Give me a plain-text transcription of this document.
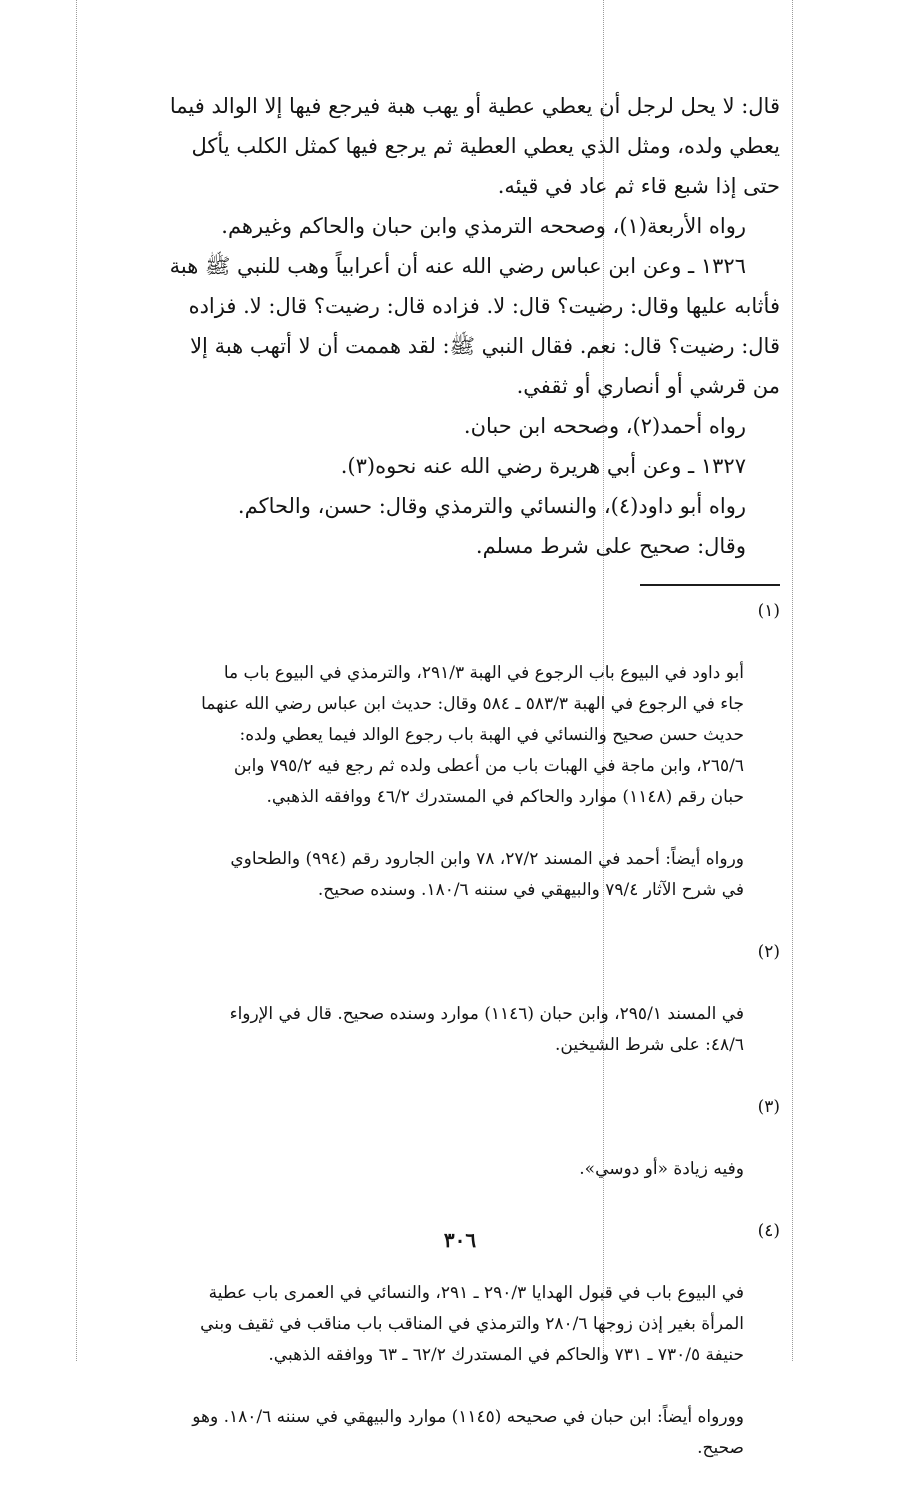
قال: لا يحل لرجل أن يعطي عطية أو يهب هبة فيرجع فيها إلا الوالد فيما
يعطي ولده، ومثل الذي يعطي العطية ثم يرجع فيها كمثل الكلب يأكل
حتى إذا شبع قاء ثم عاد في قيئه.

رواه الأربعة(١)، وصححه الترمذي وابن حبان والحاكم وغيرهم.

١٣٢٦ ـ وعن ابن عباس رضي الله عنه أن أعرابياً وهب للنبي ﷺ هبة
فأثابه عليها وقال: رضيت؟ قال: لا. فزاده قال: رضيت؟ قال: لا. فزاده
قال: رضيت؟ قال: نعم. فقال النبي ﷺ: لقد هممت أن لا أتهب هبة إلا
من قرشي أو أنصاري أو ثقفي.

رواه أحمد(٢)، وصححه ابن حبان.

١٣٢٧ ـ وعن أبي هريرة رضي الله عنه نحوه(٣).

رواه أبو داود(٤)، والنسائي والترمذي وقال: حسن، والحاكم.

وقال: صحيح على شرط مسلم.

(١)

أبو داود في البيوع باب الرجوع في الهبة ٢٩١/٣، والترمذي في البيوع باب ما
جاء في الرجوع في الهبة ٥٨٣/٣ ـ ٥٨٤ وقال: حديث ابن عباس رضي الله عنهما
حديث حسن صحيح والنسائي في الهبة باب رجوع الوالد فيما يعطي ولده:
٢٦٥/٦، وابن ماجة في الهبات باب من أعطى ولده ثم رجع فيه ٧٩٥/٢ وابن
حبان رقم (١١٤٨) موارد والحاكم في المستدرك ٤٦/٢ ووافقه الذهبي.

ورواه أيضاً: أحمد في المسند ٢٧/٢، ٧٨ وابن الجارود رقم (٩٩٤) والطحاوي
في شرح الآثار ٧٩/٤ والبيهقي في سننه ١٨٠/٦. وسنده صحيح.

(٢)

في المسند ٢٩٥/١، وابن حبان (١١٤٦) موارد وسنده صحيح. قال في الإرواء
٤٨/٦: على شرط الشيخين.

(٣)

وفيه زيادة «أو دوسي».

(٤)

في البيوع باب في قبول الهدايا ٢٩٠/٣ ـ ٢٩١، والنسائي في العمرى باب عطية
المرأة بغير إذن زوجها ٢٨٠/٦ والترمذي في المناقب باب مناقب في ثقيف وبني
حنيفة ٧٣٠/٥ ـ ٧٣١ والحاكم في المستدرك ٦٢/٢ ـ ٦٣ ووافقه الذهبي.

وورواه أيضاً: ابن حبان في صحيحه (١١٤٥) موارد والبيهقي في سننه ١٨٠/٦. وهو
صحيح.

٣٠٦
